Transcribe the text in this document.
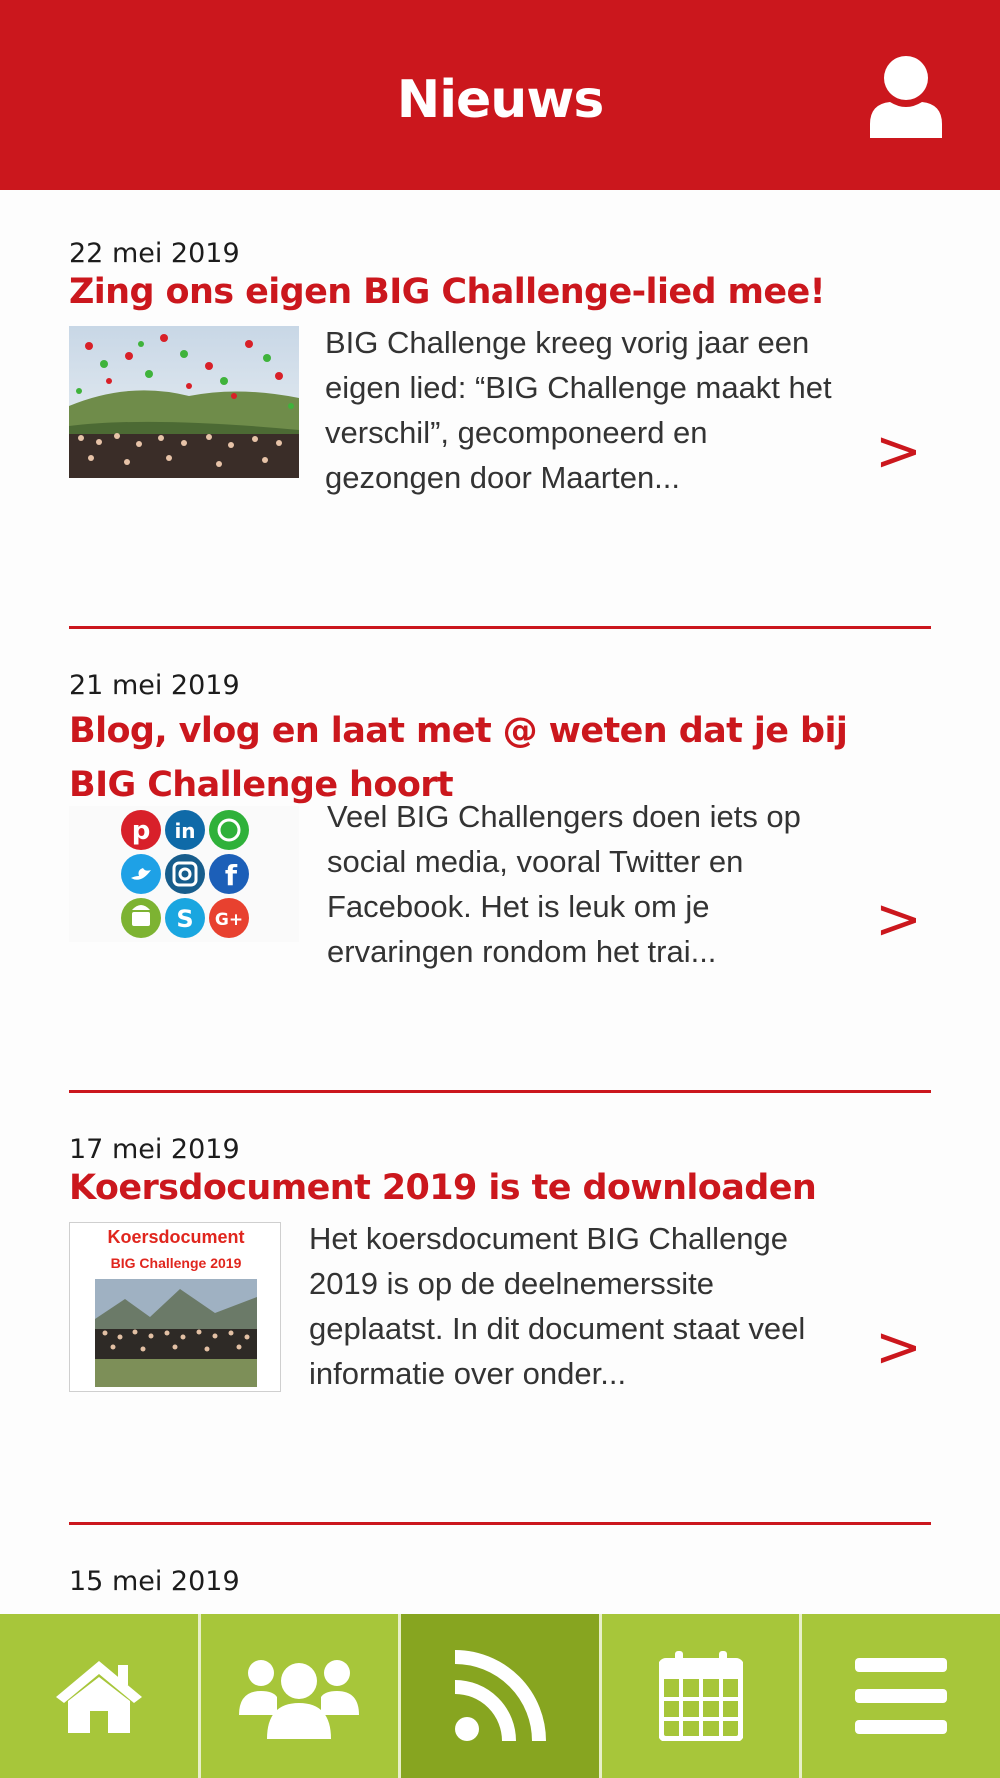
Nieuws
22 mei 2019
Zing ons eigen BIG Challenge-lied mee!
BIG Challenge kreeg vorig jaar een eigen lied: “BIG Challenge maakt het verschil”, gecomponeerd en gezongen door Maarten...	>
21 mei 2019
Blog, vlog en laat met @ weten dat je bij BIG Challenge hoort
p in
f
S G+
Veel BIG Challengers doen iets op social media, vooral Twitter en Facebook. Het is leuk om je ervaringen rondom het trai...	>
17 mei 2019
Koersdocument 2019 is te downloaden
Koersdocument
BIG Challenge 2019
Het koersdocument BIG Challenge 2019 is op de deelnemerssite geplaatst. In dit document staat veel informatie over onder...	>
15 mei 2019
